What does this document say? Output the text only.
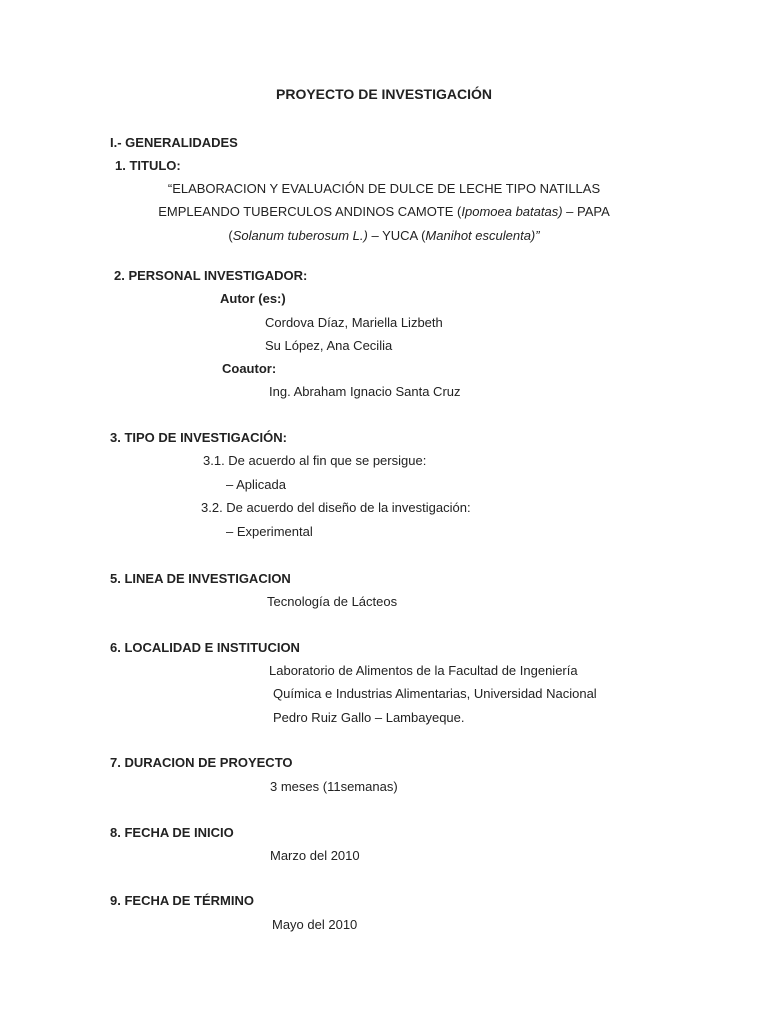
PROYECTO DE INVESTIGACIÓN
I.- GENERALIDADES
1. TITULO:
“ELABORACION Y EVALUACIÓN DE DULCE DE LECHE TIPO NATILLAS
EMPLEANDO TUBERCULOS ANDINOS CAMOTE (Ipomoea batatas) – PAPA
(Solanum tuberosum L.) – YUCA (Manihot esculenta)”
2. PERSONAL INVESTIGADOR:
Autor (es:)
Cordova Díaz, Mariella Lizbeth
Su López, Ana Cecilia
Coautor:
Ing. Abraham Ignacio Santa Cruz
3. TIPO DE INVESTIGACIÓN:
3.1. De acuerdo al fin que se persigue:
– Aplicada
3.2. De acuerdo del diseño de la investigación:
– Experimental
5. LINEA DE INVESTIGACION
Tecnología de Lácteos
6. LOCALIDAD E INSTITUCION
Laboratorio de Alimentos de la Facultad de Ingeniería
Química e Industrias Alimentarias, Universidad Nacional
Pedro Ruiz Gallo – Lambayeque.
7. DURACION DE PROYECTO
3 meses (11semanas)
8. FECHA DE INICIO
Marzo del 2010
9. FECHA DE TÉRMINO
Mayo del 2010
